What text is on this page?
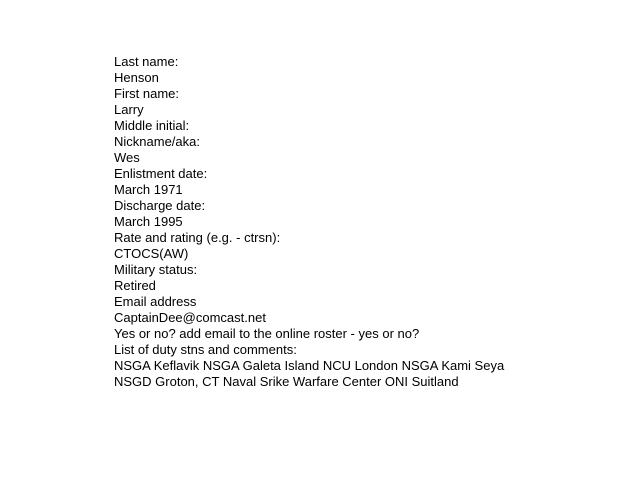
Last name:
Henson
First name:
Larry
Middle initial:
Nickname/aka:
Wes
Enlistment date:
March 1971
Discharge date:
March 1995
Rate and rating (e.g. - ctrsn):
CTOCS(AW)
Military status:
Retired
Email address
CaptainDee@comcast.net
Yes or no? add email to the online roster - yes or no?
List of duty stns and comments:
NSGA Keflavik NSGA Galeta Island NCU London NSGA Kami Seya
NSGD Groton, CT Naval Srike Warfare Center ONI Suitland
